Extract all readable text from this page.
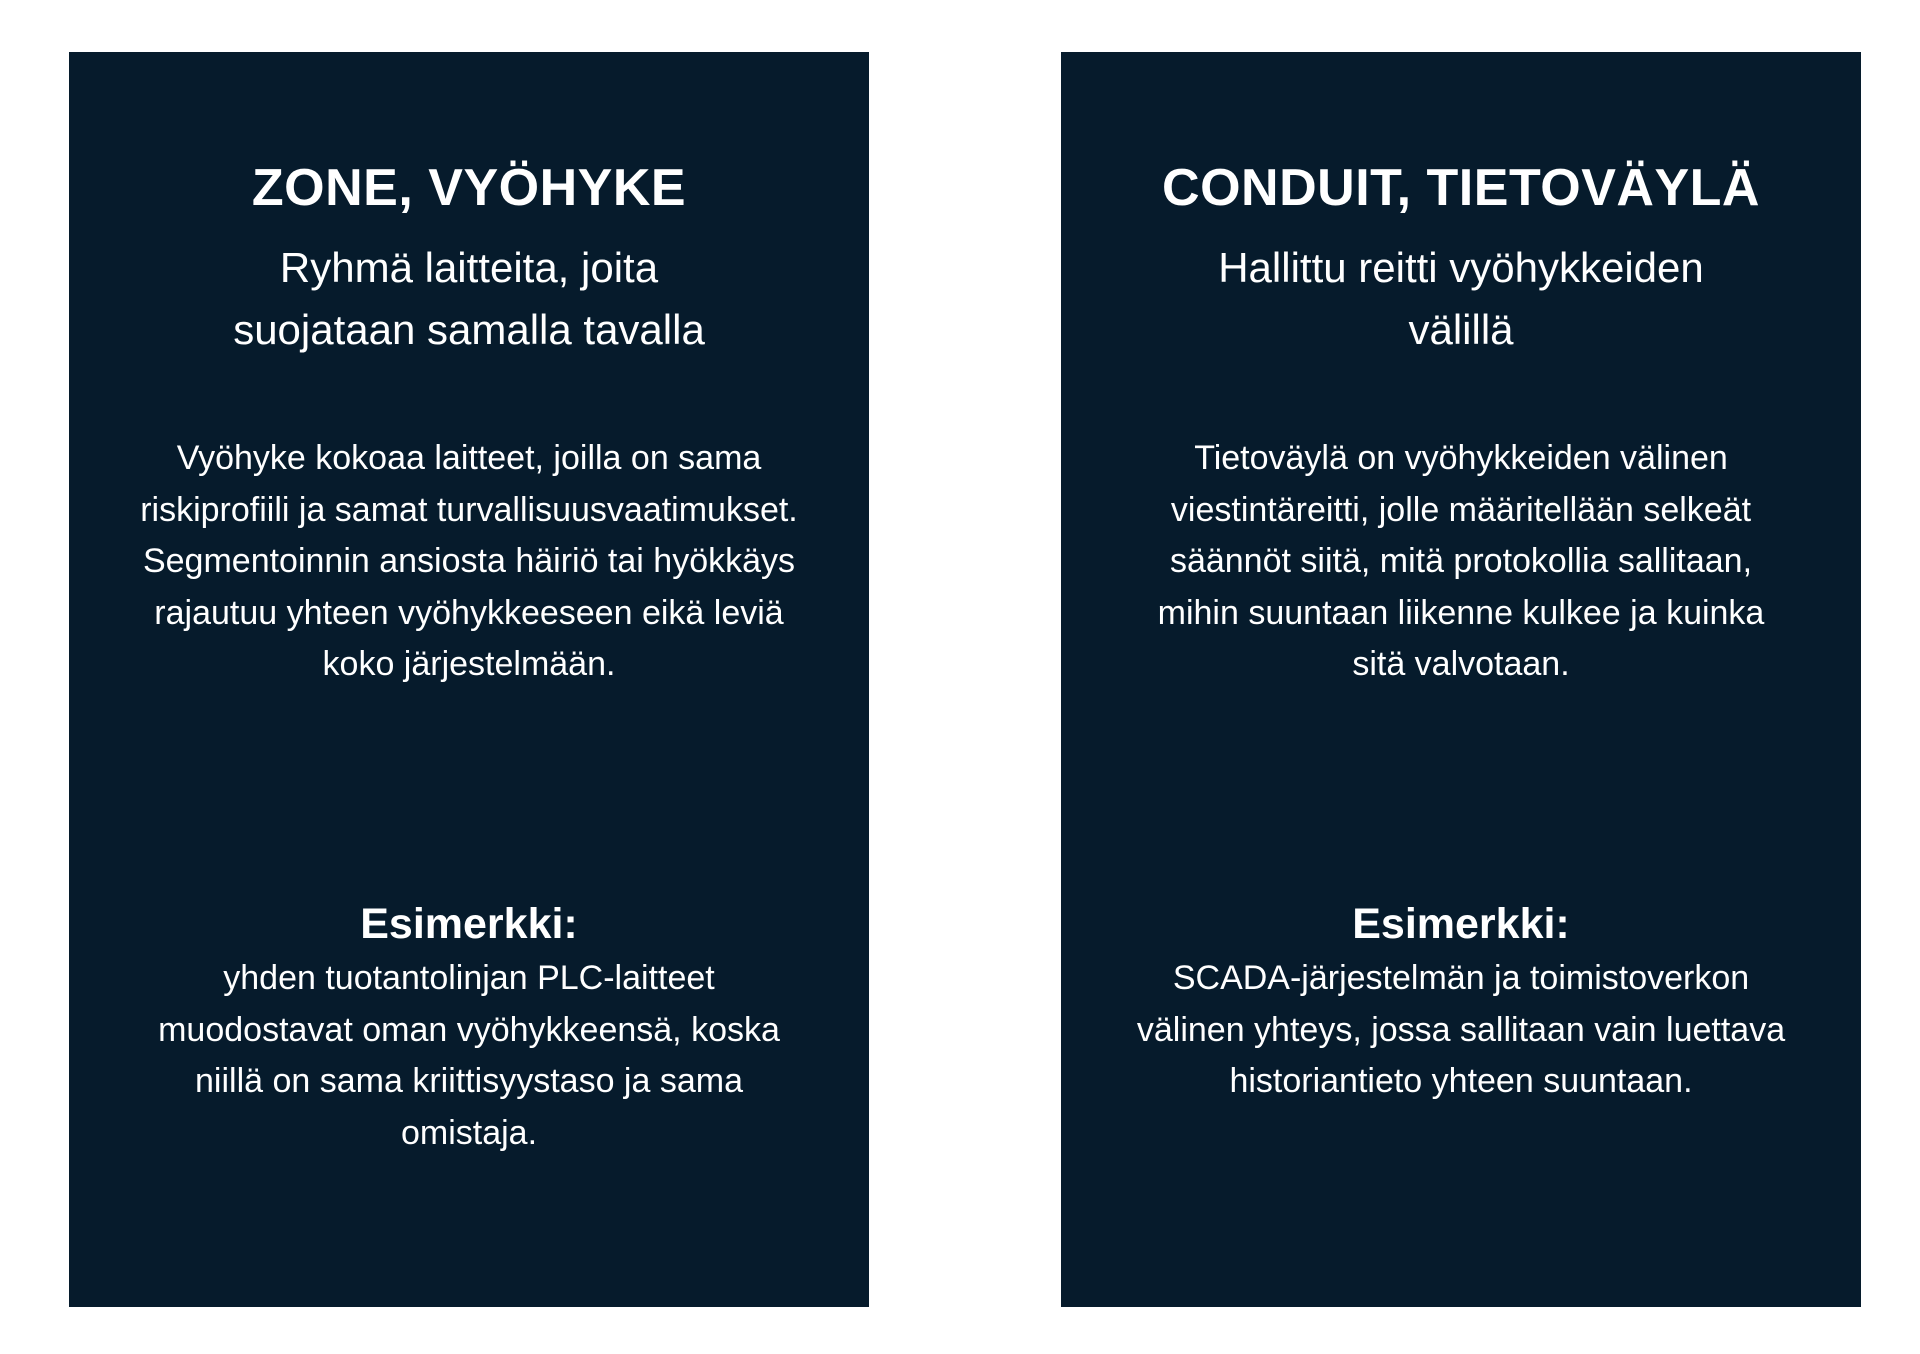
ZONE, VYÖHYKE

Ryhmä laitteita, joita suojataan samalla tavalla

Vyöhyke kokoaa laitteet, joilla on sama riskiprofiili ja samat turvallisuusvaatimukset. Segmentoinnin ansiosta häiriö tai hyökkäys rajautuu yhteen vyöhykkeeseen eikä leviä koko järjestelmään.

Esimerkki:

yhden tuotantolinjan PLC-laitteet muodostavat oman vyöhykkeensä, koska niillä on sama kriittisyystaso ja sama omistaja.

CONDUIT, TIETOVÄYLÄ

Hallittu reitti vyöhykkeiden välillä

Tietoväylä on vyöhykkeiden välinen viestintäreitti, jolle määritellään selkeät säännöt siitä, mitä protokollia sallitaan, mihin suuntaan liikenne kulkee ja kuinka sitä valvotaan.

Esimerkki:

SCADA-järjestelmän ja toimistoverkon välinen yhteys, jossa sallitaan vain luettava historiantieto yhteen suuntaan.
